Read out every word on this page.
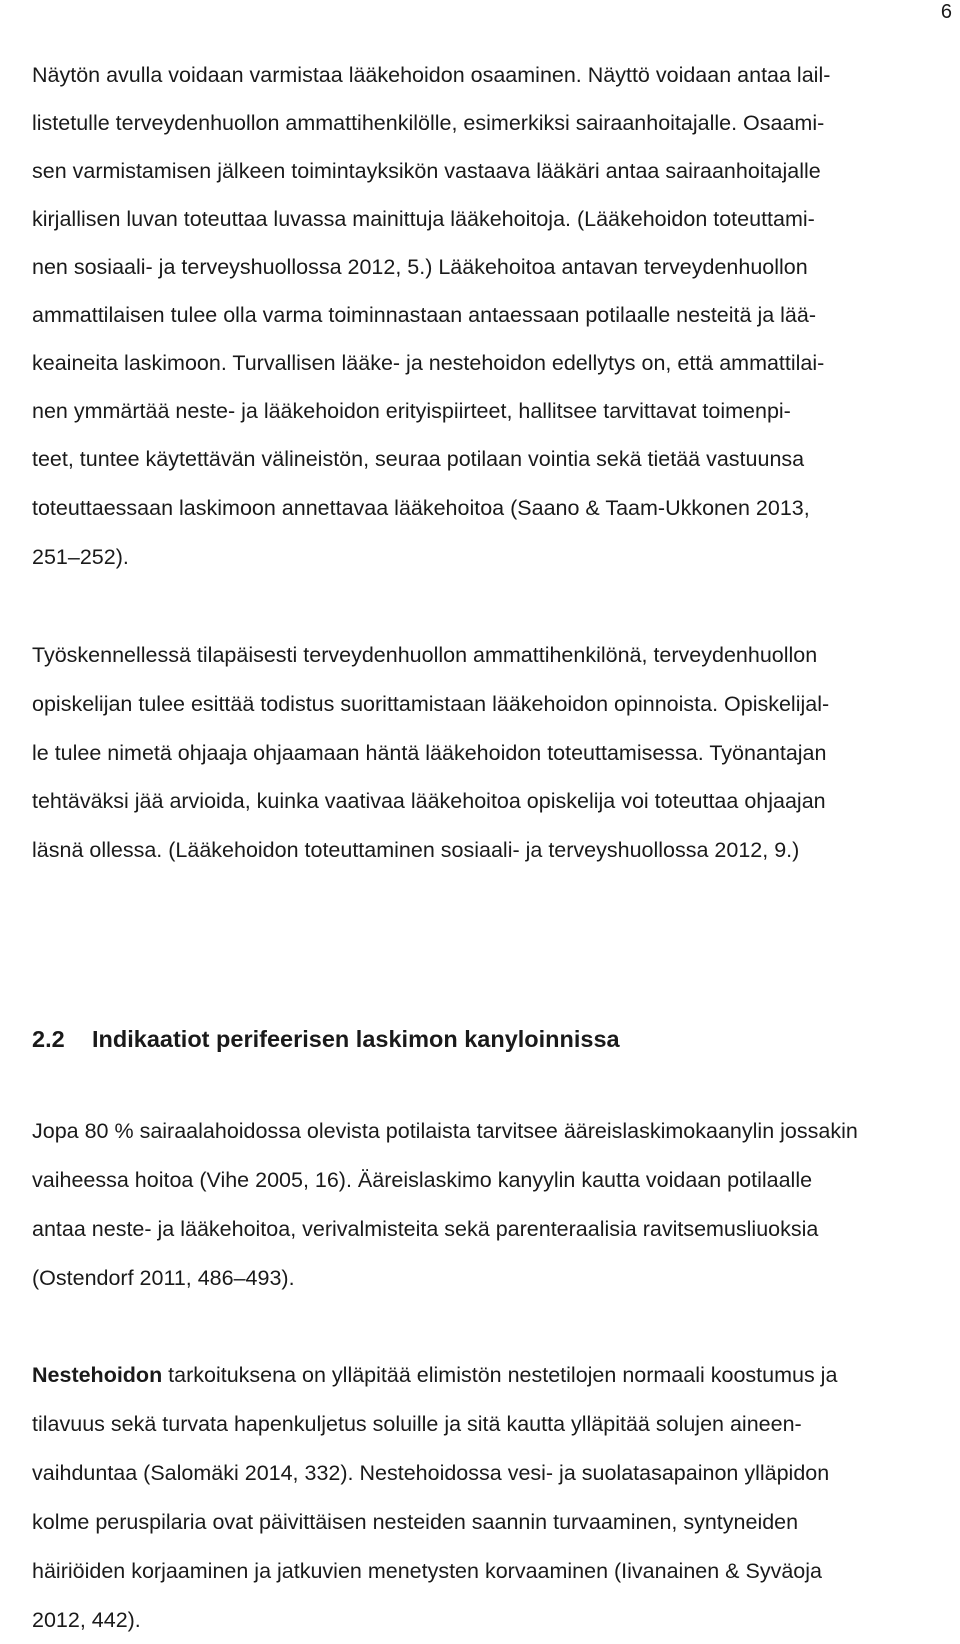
6
Näytön avulla voidaan varmistaa lääkehoidon osaaminen. Näyttö voidaan antaa lail-
listetulle terveydenhuollon ammattihenkilölle, esimerkiksi sairaanhoitajalle. Osaami-
sen varmistamisen jälkeen toimintayksikön vastaava lääkäri antaa sairaanhoitajalle
kirjallisen luvan toteuttaa luvassa mainittuja lääkehoitoja. (Lääkehoidon toteuttami-
nen sosiaali- ja terveyshuollossa 2012, 5.) Lääkehoitoa antavan terveydenhuollon
ammattilaisen tulee olla varma toiminnastaan antaessaan potilaalle nesteitä ja lää-
keaineita laskimoon. Turvallisen lääke- ja nestehoidon edellytys on, että ammattilai-
nen ymmärtää neste- ja lääkehoidon erityispiirteet, hallitsee tarvittavat toimenpi-
teet, tuntee käytettävän välineistön, seuraa potilaan vointia sekä tietää vastuunsa
toteuttaessaan laskimoon annettavaa lääkehoitoa (Saano & Taam-Ukkonen 2013,
251–252).
Työskennellessä tilapäisesti terveydenhuollon ammattihenkilönä, terveydenhuollon
opiskelijan tulee esittää todistus suorittamistaan lääkehoidon opinnoista. Opiskelijal-
le tulee nimetä ohjaaja ohjaamaan häntä lääkehoidon toteuttamisessa. Työnantajan
tehtäväksi jää arvioida, kuinka vaativaa lääkehoitoa opiskelija voi toteuttaa ohjaajan
läsnä ollessa. (Lääkehoidon toteuttaminen sosiaali- ja terveyshuollossa 2012, 9.)
2.2 Indikaatiot perifeerisen laskimon kanyloinnissa
Jopa 80 % sairaalahoidossa olevista potilaista tarvitsee ääreislaskimokaanylin jossakin
vaiheessa hoitoa (Vihe 2005, 16). Ääreislaskimo kanyylin kautta voidaan potilaalle
antaa neste- ja lääkehoitoa, verivalmisteita sekä parenteraalisia ravitsemusliuoksia
(Ostendorf 2011, 486–493).
Nestehoidon tarkoituksena on ylläpitää elimistön nestetilojen normaali koostumus ja
tilavuus sekä turvata hapenkuljetus soluille ja sitä kautta ylläpitää solujen aineen-
vaihduntaa (Salomäki 2014, 332). Nestehoidossa vesi- ja suolatasapainon ylläpidon
kolme peruspilaria ovat päivittäisen nesteiden saannin turvaaminen, syntyneiden
häiriöiden korjaaminen ja jatkuvien menetysten korvaaminen (Iivanainen & Syväoja
2012, 442).
